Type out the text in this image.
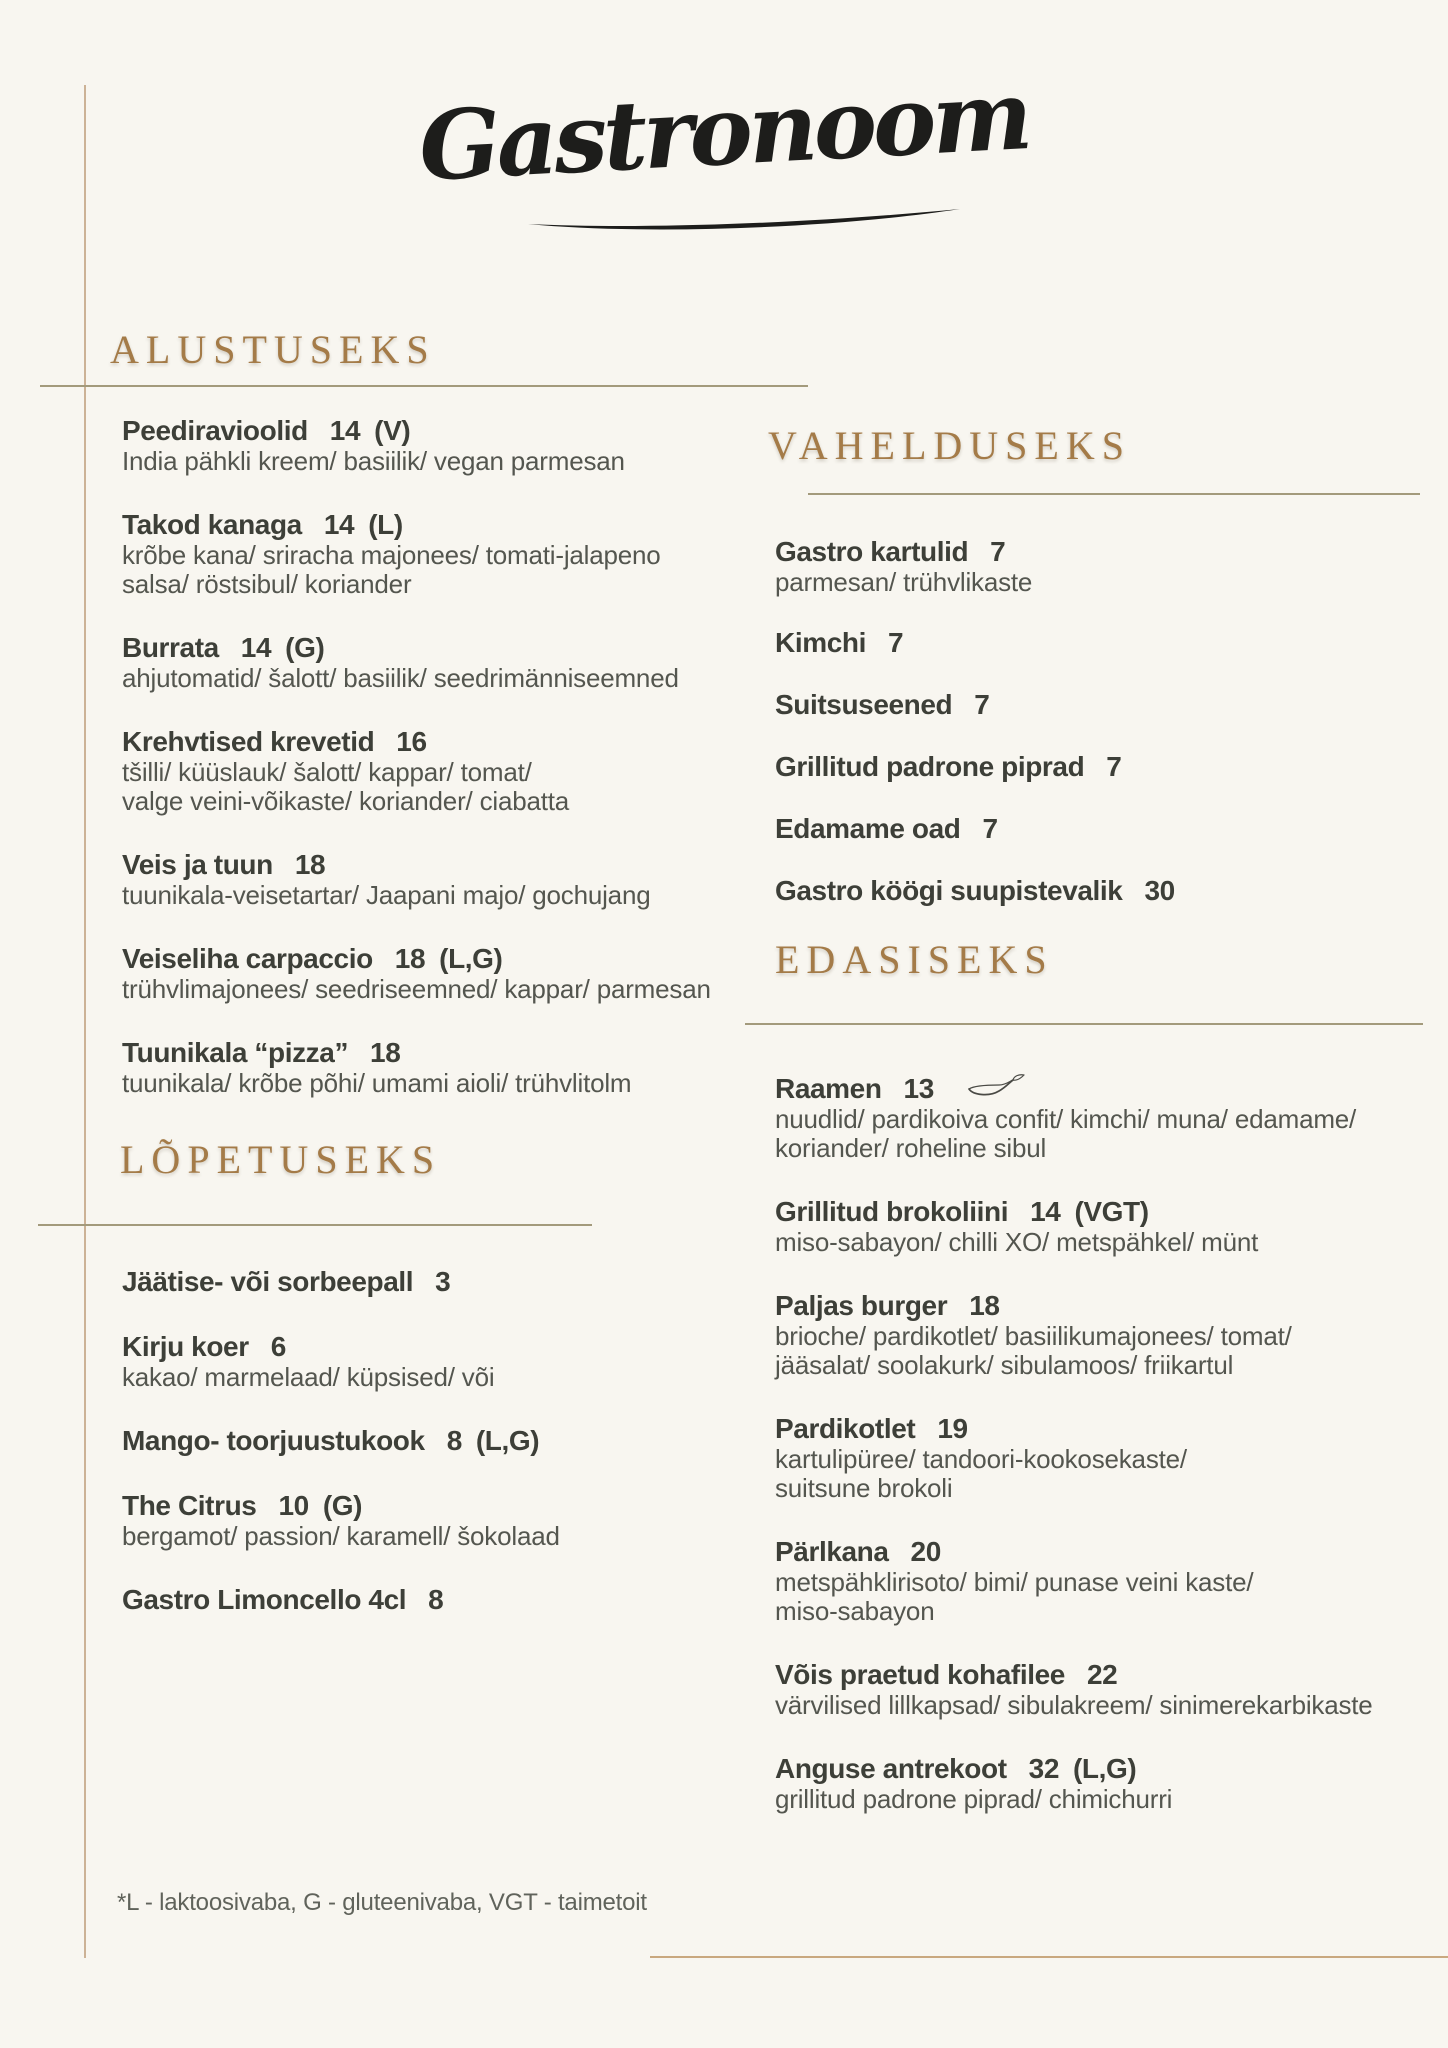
Gastronoom
ALUSTUSEKS
Peediravioolid 14 (V)
India pähkli kreem/ basiilik/ vegan parmesan
Takod kanaga 14 (L)
krõbe kana/ sriracha majonees/ tomati-jalapeno
salsa/ röstsibul/ koriander
Burrata 14 (G)
ahjutomatid/ šalott/ basiilik/ seedrimänniseemned
Krehvtised krevetid 16
tšilli/ küüslauk/ šalott/ kappar/ tomat/
valge veini-võikaste/ koriander/ ciabatta
Veis ja tuun 18
tuunikala-veisetartar/ Jaapani majo/ gochujang
Veiseliha carpaccio 18 (L,G)
trühvlimajonees/ seedriseemned/ kappar/ parmesan
Tuunikala “pizza” 18
tuunikala/ krõbe põhi/ umami aioli/ trühvlitolm
VAHELDUSEKS
Gastro kartulid 7
parmesan/ trühvlikaste
Kimchi 7
Suitsuseened 7
Grillitud padrone piprad 7
Edamame oad 7
Gastro köögi suupistevalik 30
EDASISEKS
Raamen 13
nuudlid/ pardikoiva confit/ kimchi/ muna/ edamame/
koriander/ roheline sibul
Grillitud brokoliini 14 (VGT)
miso-sabayon/ chilli XO/ metspähkel/ münt
Paljas burger 18
brioche/ pardikotlet/ basiilikumajonees/ tomat/
jääsalat/ soolakurk/ sibulamoos/ friikartul
Pardikotlet 19
kartulipüree/ tandoori-kookosekaste/
suitsune brokoli
Pärlkana 20
metspähklirisoto/ bimi/ punase veini kaste/
miso-sabayon
Võis praetud kohafilee 22
värvilised lillkapsad/ sibulakreem/ sinimerekarbikaste
Anguse antrekoot 32 (L,G)
grillitud padrone piprad/ chimichurri
LÕPETUSEKS
Jäätise- või sorbeepall 3
Kirju koer 6
kakao/ marmelaad/ küpsised/ või
Mango- toorjuustukook 8 (L,G)
The Citrus 10 (G)
bergamot/ passion/ karamell/ šokolaad
Gastro Limoncello 4cl 8
*L - laktoosivaba, G - gluteenivaba, VGT - taimetoit
